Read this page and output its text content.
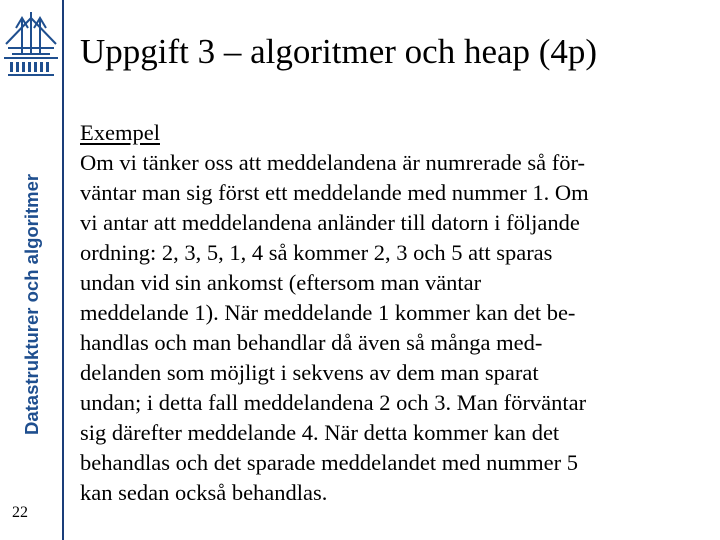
Datastrukturer och algoritmer
22
Uppgift 3 – algoritmer och heap (4p)
Exempel
Om vi tänker oss att meddelandena är numrerade så för-
väntar man sig först ett meddelande med nummer 1. Om
vi antar att meddelandena anländer till datorn i följande
ordning: 2, 3, 5, 1, 4 så kommer 2, 3 och 5 att sparas
undan vid sin ankomst (eftersom man väntar
meddelande 1). När meddelande 1 kommer kan det be-
handlas och man behandlar då även så många med-
delanden som möjligt i sekvens av dem man sparat
undan; i detta fall meddelandena 2 och 3. Man förväntar
sig därefter meddelande 4. När detta kommer kan det
behandlas och det sparade meddelandet med nummer 5
kan sedan också behandlas.
